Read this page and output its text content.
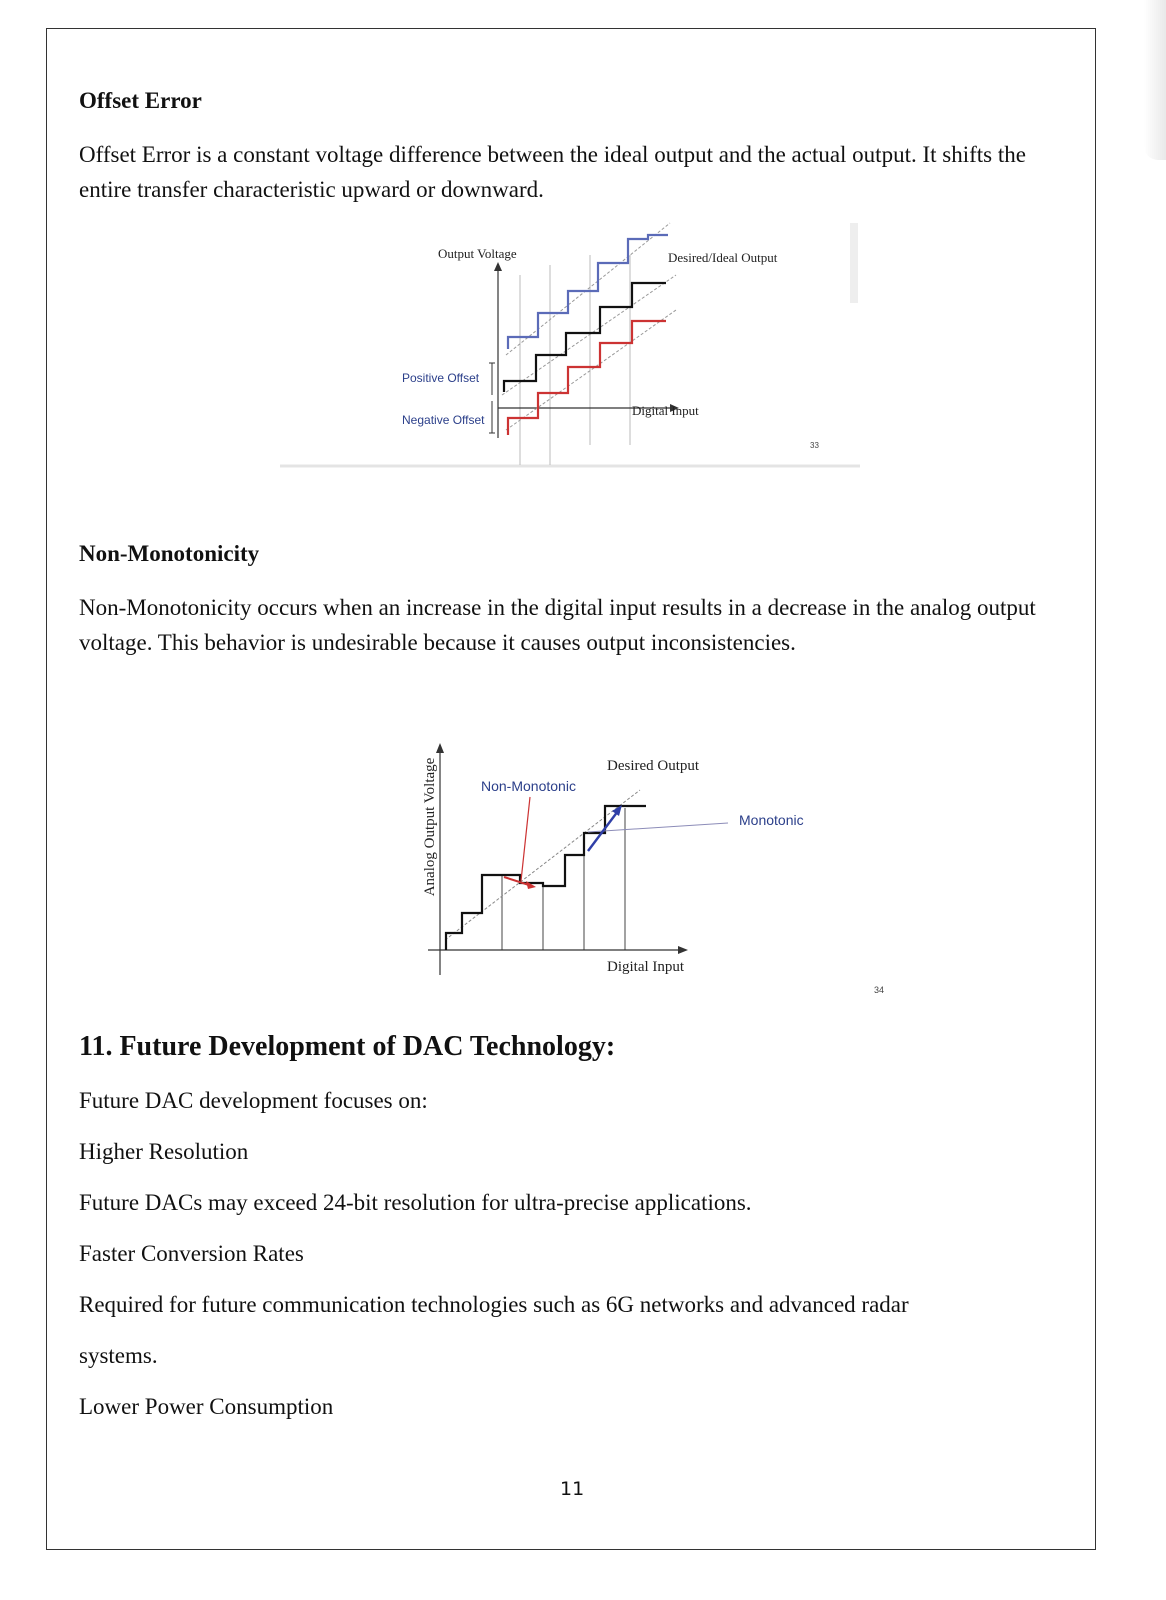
Offset Error

Offset Error is a constant voltage difference between the ideal output and the actual output. It shifts the entire transfer characteristic upward or downward.

Output Voltage	Desired/Ideal Output
Positive Offset
Negative Offset
Digital Input
33
Non-Monotonicity

Non-Monotonicity occurs when an increase in the digital input results in a decrease in the analog output voltage. This behavior is undesirable because it causes output inconsistencies.

Analog Output Voltage	Non-Monotonic
Desired Output
Monotonic
Digital Input
34
11. Future Development of DAC Technology:

Future DAC development focuses on:

Higher Resolution

Future DACs may exceed 24-bit resolution for ultra-precise applications.

Faster Conversion Rates

Required for future communication technologies such as 6G networks and advanced radar

systems.

Lower Power Consumption

11
